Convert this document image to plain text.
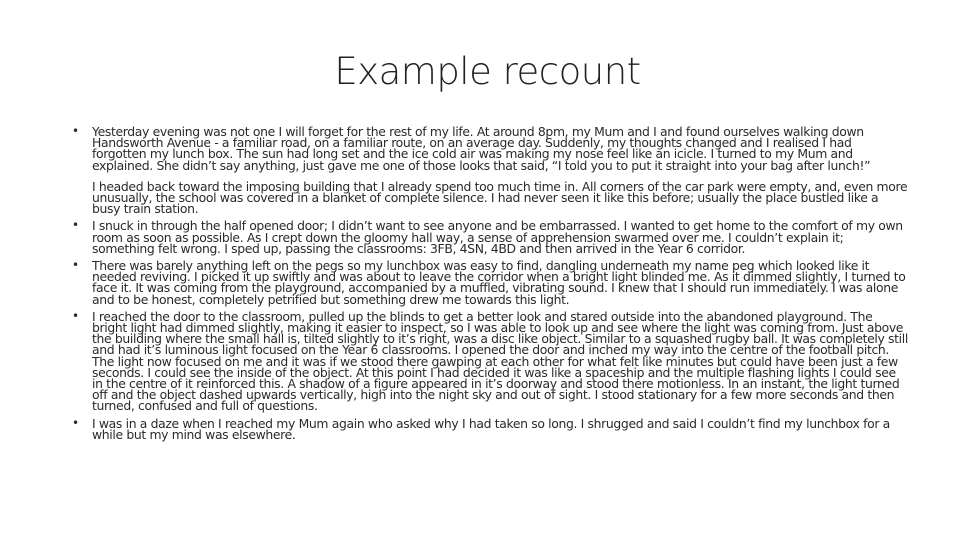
Example recount
• Yesterday evening was not one I will forget for the rest of my life. At around 8pm, my Mum and I and found ourselves walking down Handsworth Avenue - a familiar road, on a familiar route, on an average day. Suddenly, my thoughts changed and I realised I had forgotten my lunch box. The sun had long set and the ice cold air was making my nose feel like an icicle. I turned to my Mum and explained. She didn’t say anything, just gave me one of those looks that said, “I told you to put it straight into your bag after lunch!”
I headed back toward the imposing building that I already spend too much time in. All corners of the car park were empty, and, even more unusually, the school was covered in a blanket of complete silence. I had never seen it like this before; usually the place bustled like a busy train station.
• I snuck in through the half opened door; I didn’t want to see anyone and be embarrassed. I wanted to get home to the comfort of my own room as soon as possible. As I crept down the gloomy hall way, a sense of apprehension swarmed over me. I couldn’t explain it; something felt wrong. I sped up, passing the classrooms: 3FB, 4SN, 4BD and then arrived in the Year 6 corridor.
• There was barely anything left on the pegs so my lunchbox was easy to find, dangling underneath my name peg which looked like it needed reviving. I picked it up swiftly and was about to leave the corridor when a bright light blinded me. As it dimmed slightly, I turned to face it. It was coming from the playground, accompanied by a muffled, vibrating sound. I knew that I should run immediately. I was alone and to be honest, completely petrified but something drew me towards this light.
• I reached the door to the classroom, pulled up the blinds to get a better look and stared outside into the abandoned playground. The bright light had dimmed slightly, making it easier to inspect, so I was able to look up and see where the light was coming from. Just above the building where the small hall is, tilted slightly to it’s right, was a disc like object. Similar to a squashed rugby ball. It was completely still and had it’s luminous light focused on the Year 6 classrooms. I opened the door and inched my way into the centre of the football pitch. The light now focused on me and it was if we stood there gawping at each other for what felt like minutes but could have been just a few seconds. I could see the inside of the object. At this point I had decided it was like a spaceship and the multiple flashing lights I could see in the centre of it reinforced this. A shadow of a figure appeared in it’s doorway and stood there motionless. In an instant, the light turned off and the object dashed upwards vertically, high into the night sky and out of sight. I stood stationary for a few more seconds and then turned, confused and full of questions.
• I was in a daze when I reached my Mum again who asked why I had taken so long. I shrugged and said I couldn’t find my lunchbox for a while but my mind was elsewhere.
